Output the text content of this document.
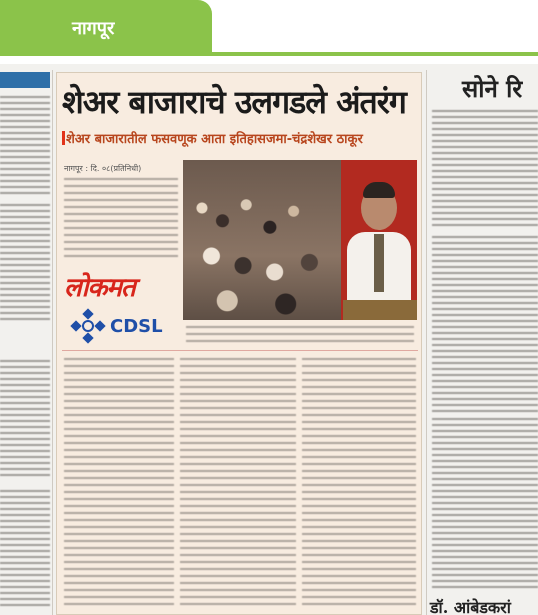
नागपूर
शेअर बाजाराचे उलगडले अंतरंग
शेअर बाजारातील फसवणूक आता इतिहासजमा-चंद्रशेखर ठाकूर
नागपूर : दि. ०८(प्रतिनिधी)
लोकमत
CDSL
सोने रि
डॉ. आंबेडकरां
